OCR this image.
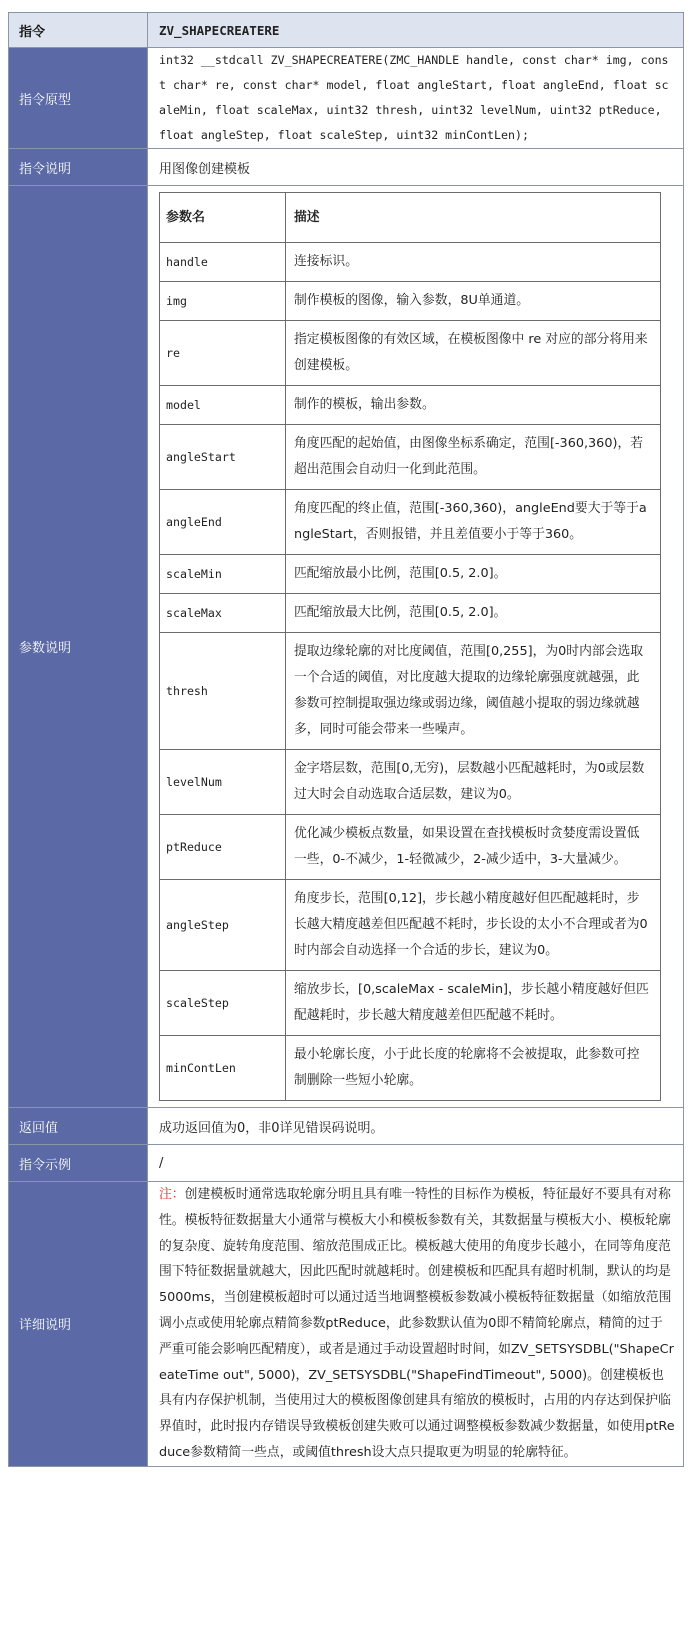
指令	ZV_SHAPECREATERE
指令原型	int32 __stdcall ZV_SHAPECREATERE(ZMC_HANDLE handle, const char* img, const char* re, const char* model, float angleStart, float angleEnd, float scaleMin, float scaleMax, uint32 thresh, uint32 levelNum, uint32 ptReduce, float angleStep, float scaleStep, uint32 minContLen);
指令说明	用图像创建模板
参数说明	
参数名	描述
handle	连接标识。
img	制作模板的图像，输入参数，8U单通道。
re	指定模板图像的有效区域，在模板图像中 re 对应的部分将用来创建模板。
model	制作的模板，输出参数。
angleStart	角度匹配的起始值，由图像坐标系确定，范围[-360,360)，若超出范围会自动归一化到此范围。
angleEnd	角度匹配的终止值，范围[-360,360)，angleEnd要大于等于angleStart，否则报错，并且差值要小于等于360。
scaleMin	匹配缩放最小比例，范围[0.5, 2.0]。
scaleMax	匹配缩放最大比例，范围[0.5, 2.0]。
thresh	提取边缘轮廓的对比度阈值，范围[0,255]，为0时内部会选取一个合适的阈值，对比度越大提取的边缘轮廓强度就越强，此参数可控制提取强边缘或弱边缘，阈值越小提取的弱边缘就越多，同时可能会带来一些噪声。
levelNum	金字塔层数，范围[0,无穷)，层数越小匹配越耗时，为0或层数过大时会自动选取合适层数，建议为0。
ptReduce	优化减少模板点数量，如果设置在查找模板时贪婪度需设置低一些，0-不减少，1-轻微减少，2-减少适中，3-大量减少。
angleStep	角度步长，范围[0,12]，步长越小精度越好但匹配越耗时，步长越大精度越差但匹配越不耗时，步长设的太小不合理或者为0时内部会自动选择一个合适的步长，建议为0。
scaleStep	缩放步长，[0,scaleMax - scaleMin]，步长越小精度越好但匹配越耗时，步长越大精度越差但匹配越不耗时。
minContLen	最小轮廓长度，小于此长度的轮廓将不会被提取，此参数可控制删除一些短小轮廓。

返回值	成功返回值为0，非0详见错误码说明。
指令示例	/
详细说明	注：创建模板时通常选取轮廓分明且具有唯一特性的目标作为模板，特征最好不要具有对称性。模板特征数据量大小通常与模板大小和模板参数有关，其数据量与模板大小、模板轮廓的复杂度、旋转角度范围、缩放范围成正比。模板越大使用的角度步长越小，在同等角度范围下特征数据量就越大，因此匹配时就越耗时。创建模板和匹配具有超时机制，默认的均是5000ms，当创建模板超时可以通过适当地调整模板参数减小模板特征数据量（如缩放范围调小点或使用轮廓点精简参数ptReduce，此参数默认值为0即不精简轮廓点，精简的过于严重可能会影响匹配精度），或者是通过手动设置超时时间，如ZV_SETSYSDBL("ShapeCreateTime out", 5000)，ZV_SETSYSDBL("ShapeFindTimeout", 5000)。创建模板也具有内存保护机制，当使用过大的模板图像创建具有缩放的模板时，占用的内存达到保护临界值时，此时报内存错误导致模板创建失败可以通过调整模板参数减少数据量，如使用ptReduce参数精简一些点，或阈值thresh设大点只提取更为明显的轮廓特征。
